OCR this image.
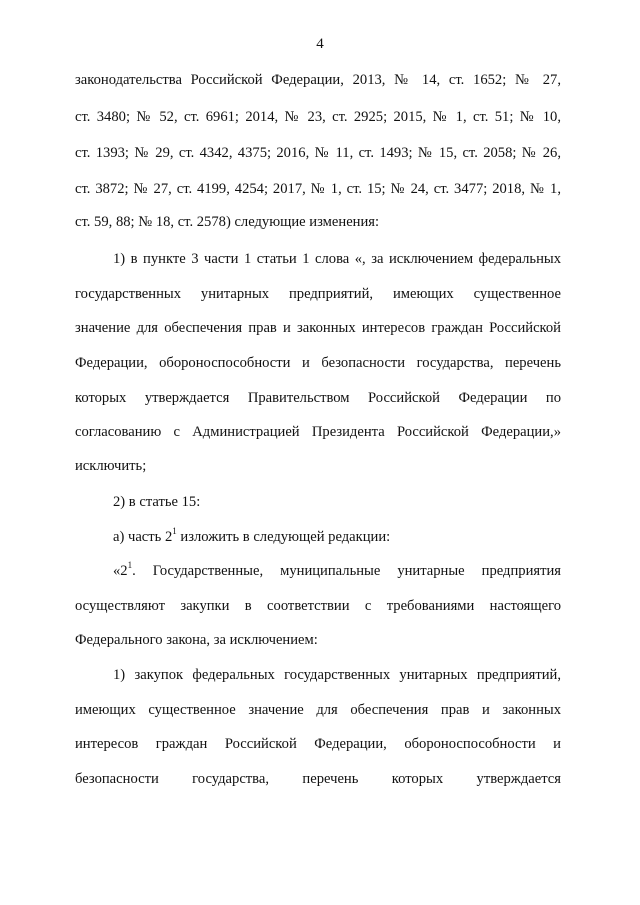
4
законодательства Российской Федерации, 2013, № 14, ст. 1652; № 27,
ст. 3480; № 52, ст. 6961; 2014, № 23, ст. 2925; 2015, № 1, ст. 51; № 10,
ст. 1393; № 29, ст. 4342, 4375; 2016, № 11, ст. 1493; № 15, ст. 2058; № 26,
ст. 3872; № 27, ст. 4199, 4254; 2017, № 1, ст. 15; № 24, ст. 3477; 2018, № 1,
ст. 59, 88; № 18, ст. 2578) следующие изменения:
1) в пункте 3 части 1 статьи 1 слова «, за исключением федеральных
государственных унитарных предприятий, имеющих существенное
значение для обеспечения прав и законных интересов граждан Российской
Федерации, обороноспособности и безопасности государства, перечень
которых утверждается Правительством Российской Федерации по
согласованию с Администрацией Президента Российской Федерации,»
исключить;
2) в статье 15:
а) часть $2^1$ изложить в следующей редакции:
«$2^1$. Государственные, муниципальные унитарные предприятия
осуществляют закупки в соответствии с требованиями настоящего
Федерального закона, за исключением:
1) закупок федеральных государственных унитарных предприятий,
имеющих существенное значение для обеспечения прав и законных
интересов граждан Российской Федерации, обороноспособности и
безопасности государства, перечень которых утверждается
